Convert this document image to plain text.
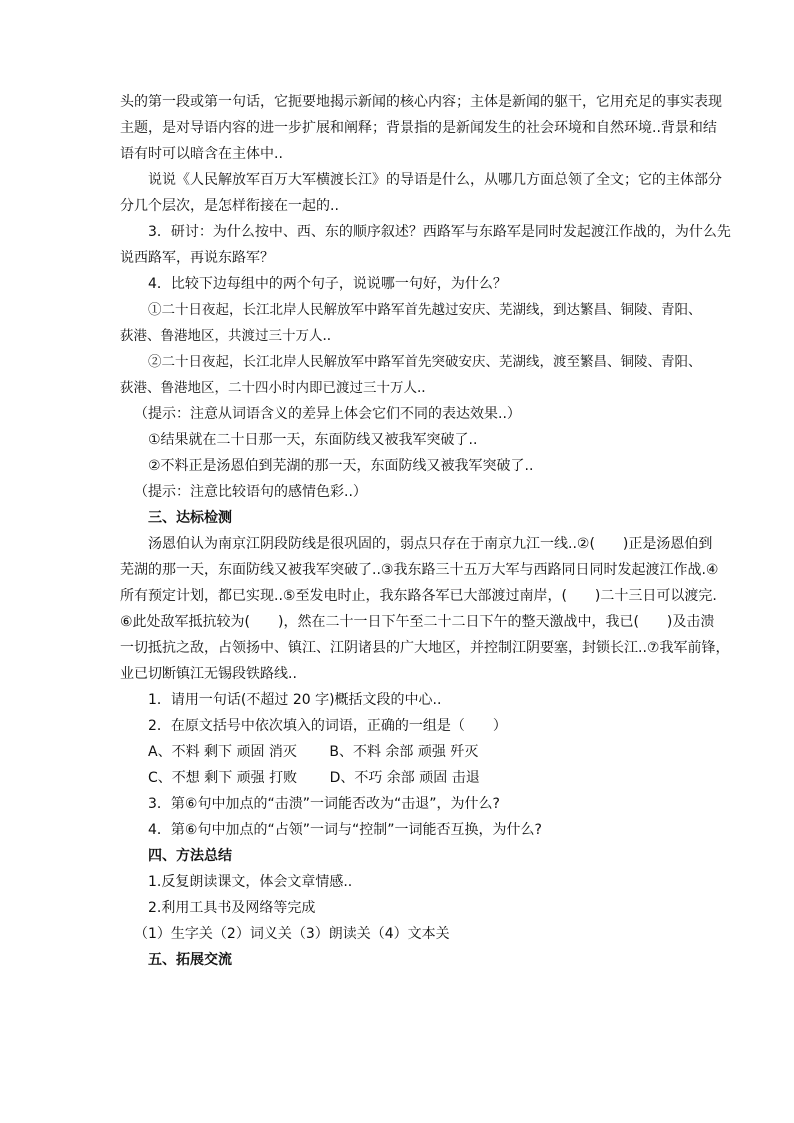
头的第一段或第一句话，它扼要地揭示新闻的核心内容；主体是新闻的躯干，它用充足的事实表现
主题，是对导语内容的进一步扩展和阐释；背景指的是新闻发生的社会环境和自然环境..背景和结
语有时可以暗含在主体中..
说说《人民解放军百万大军横渡长江》的导语是什么，从哪几方面总领了全文；它的主体部分
分几个层次，是怎样衔接在一起的..
3．研讨：为什么按中、西、东的顺序叙述？西路军与东路军是同时发起渡江作战的，为什么先
说西路军，再说东路军？
4．比较下边每组中的两个句子，说说哪一句好，为什么？
①二十日夜起，长江北岸人民解放军中路军首先越过安庆、芜湖线，到达繁昌、铜陵、青阳、
荻港、鲁港地区，共渡过三十万人..
②二十日夜起，长江北岸人民解放军中路军首先突破安庆、芜湖线，渡至繁昌、铜陵、青阳、
荻港、鲁港地区，二十四小时内即已渡过三十万人..
（提示：注意从词语含义的差异上体会它们不同的表达效果..）
①结果就在二十日那一天，东面防线又被我军突破了..
②不料正是汤恩伯到芜湖的那一天，东面防线又被我军突破了..
（提示：注意比较语句的感情色彩..）
三、达标检测
汤恩伯认为南京江阴段防线是很巩固的，弱点只存在于南京九江一线..②(　　)正是汤恩伯到
芜湖的那一天，东面防线又被我军突破了..③我东路三十五万大军与西路同日同时发起渡江作战.④
所有预定计划，都已实现..⑤至发电时止，我东路各军已大部渡过南岸，(　　)二十三日可以渡完.
⑥此处敌军抵抗较为(　　)，然在二十一日下午至二十二日下午的整天激战中，我已(　　)及击溃
一切抵抗之敌，占领扬中、镇江、江阴诸县的广大地区，并控制江阴要塞，封锁长江..⑦我军前锋，
业已切断镇江无锡段铁路线..
1．请用一句话(不超过 20 字)概括文段的中心..
2．在原文括号中依次填入的词语，正确的一组是（　　）
A、不料 剩下 顽固 消灭　　 B、不料 余部 顽强 歼灭
C、不想 剩下 顽强 打败　　 D、不巧 余部 顽固 击退
3．第⑥句中加点的“击溃”一词能否改为“击退”，为什么?
4．第⑥句中加点的“占领”一词与“控制”一词能否互换，为什么?
四、方法总结
1.反复朗读课文，体会文章情感..
2.利用工具书及网络等完成
（1）生字关（2）词义关（3）朗读关（4）文本关
五、拓展交流
